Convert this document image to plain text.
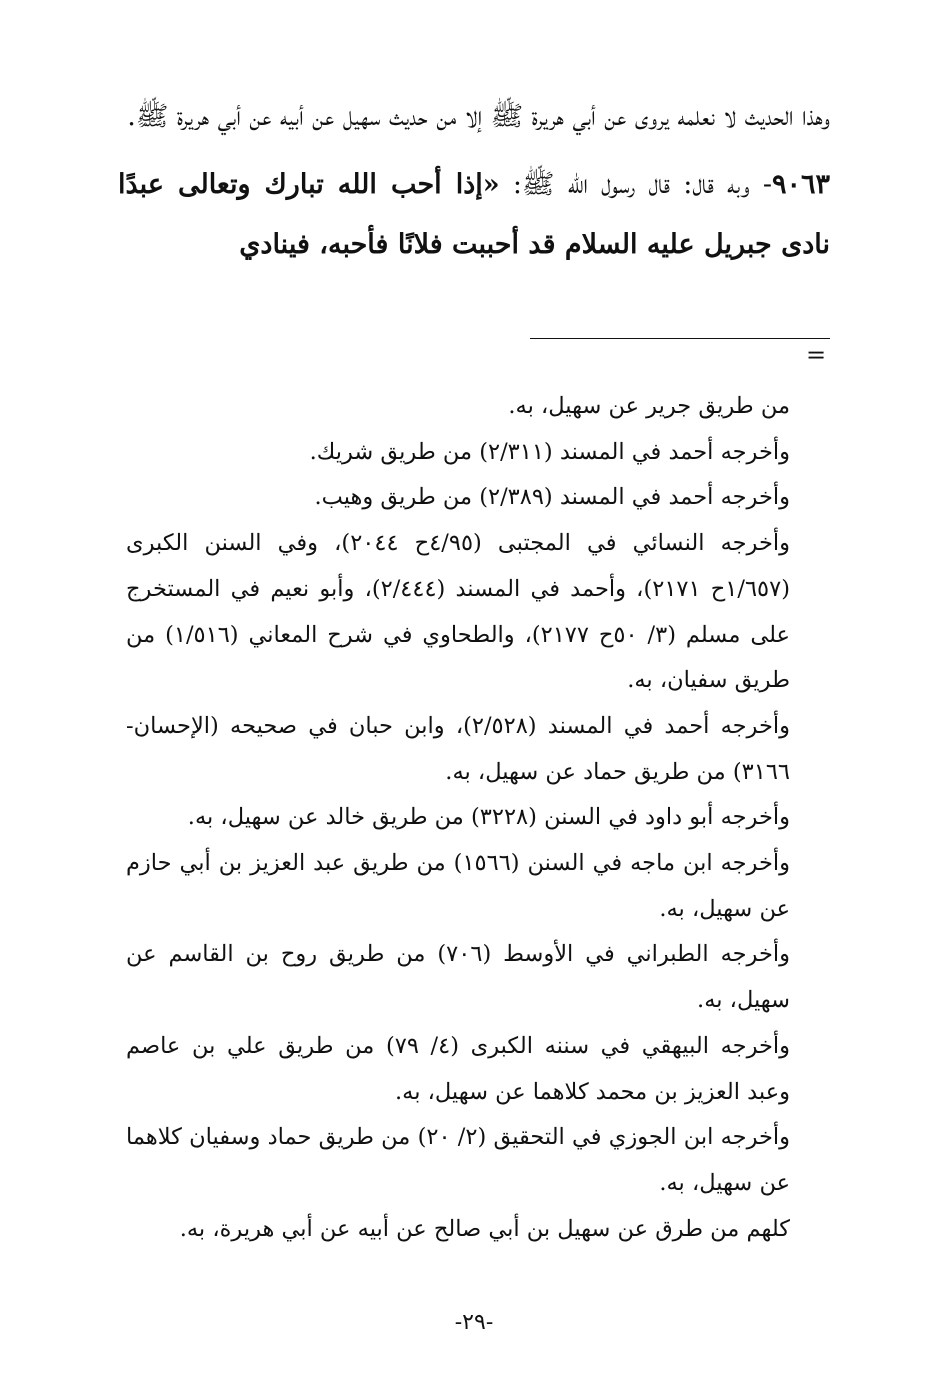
وهذا الحديث لا نعلمه يروى عن أبي هريرة ﷺ إلا من حديث سهيل عن أبيه عن أبي هريرة ﷺ.

٩٠٦٣- وبه قال: قال رسول الله ﷺ: «إذا أحب الله تبارك وتعالى عبدًا نادى جبريل عليه السلام قد أحببت فلانًا فأحبه، فينادي

=

من طريق جرير عن سهيل، به.

وأخرجه أحمد في المسند (٢/٣١١) من طريق شريك.

وأخرجه أحمد في المسند (٢/٣٨٩) من طريق وهيب.

وأخرجه النسائي في المجتبى (٤/٩٥ح ٢٠٤٤)، وفي السنن الكبرى (١/٦٥٧ح ٢١٧١)، وأحمد في المسند (٢/٤٤٤)، وأبو نعيم في المستخرج على مسلم (٣/ ٥٠ح ٢١٧٧)، والطحاوي في شرح المعاني (١/٥١٦) من طريق سفيان، به.

وأخرجه أحمد في المسند (٢/٥٢٨)، وابن حبان في صحيحه (الإحسان- ٣١٦٦) من طريق حماد عن سهيل، به.

وأخرجه أبو داود في السنن (٣٢٢٨) من طريق خالد عن سهيل، به.

وأخرجه ابن ماجه في السنن (١٥٦٦) من طريق عبد العزيز بن أبي حازم عن سهيل، به.

وأخرجه الطبراني في الأوسط (٧٠٦) من طريق روح بن القاسم عن سهيل، به.

وأخرجه البيهقي في سننه الكبرى (٤/ ٧٩) من طريق علي بن عاصم وعبد العزيز بن محمد كلاهما عن سهيل، به.

وأخرجه ابن الجوزي في التحقيق (٢/ ٢٠) من طريق حماد وسفيان كلاهما عن سهيل، به.

كلهم من طرق عن سهيل بن أبي صالح عن أبيه عن أبي هريرة، به.

-٢٩-
